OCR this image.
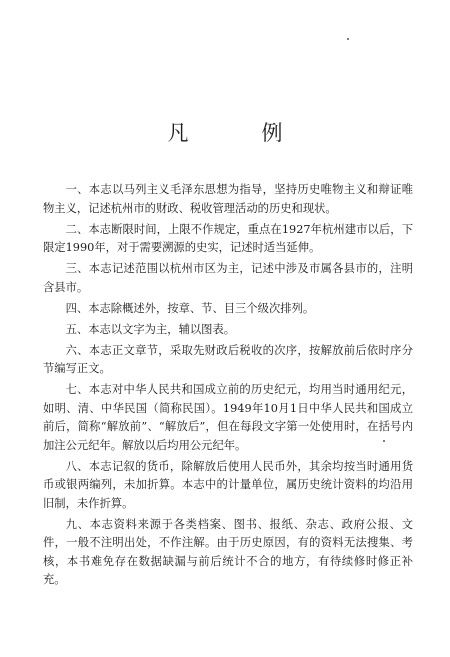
凡　例

一、本志以马列主义毛泽东思想为指导，坚持历史唯物主义和辩证唯物主义，记述杭州市的财政、税收管理活动的历史和现状。

二、本志断限时间，上限不作规定，重点在1927年杭州建市以后，下限定1990年，对于需要溯源的史实，记述时适当延伸。

三、本志记述范围以杭州市区为主，记述中涉及市属各县市的，注明含县市。

四、本志除概述外，按章、节、目三个级次排列。

五、本志以文字为主，辅以图表。

六、本志正文章节，采取先财政后税收的次序，按解放前后依时序分节编写正文。

七、本志对中华人民共和国成立前的历史纪元，均用当时通用纪元，如明、清、中华民国（简称民国）。1949年10月1日中华人民共和国成立前后，简称“解放前”、“解放后”，但在每段文字第一处使用时，在括号内加注公元纪年。解放以后均用公元纪年。

八、本志记叙的货币，除解放后使用人民币外，其余均按当时通用货币或银两编列，未加折算。本志中的计量单位，属历史统计资料的均沿用旧制，未作折算。

九、本志资料来源于各类档案、图书、报纸、杂志、政府公报、文件，一般不注明出处，不作注解。由于历史原因，有的资料无法搜集、考核，本书难免存在数据缺漏与前后统计不合的地方，有待续修时修正补充。
